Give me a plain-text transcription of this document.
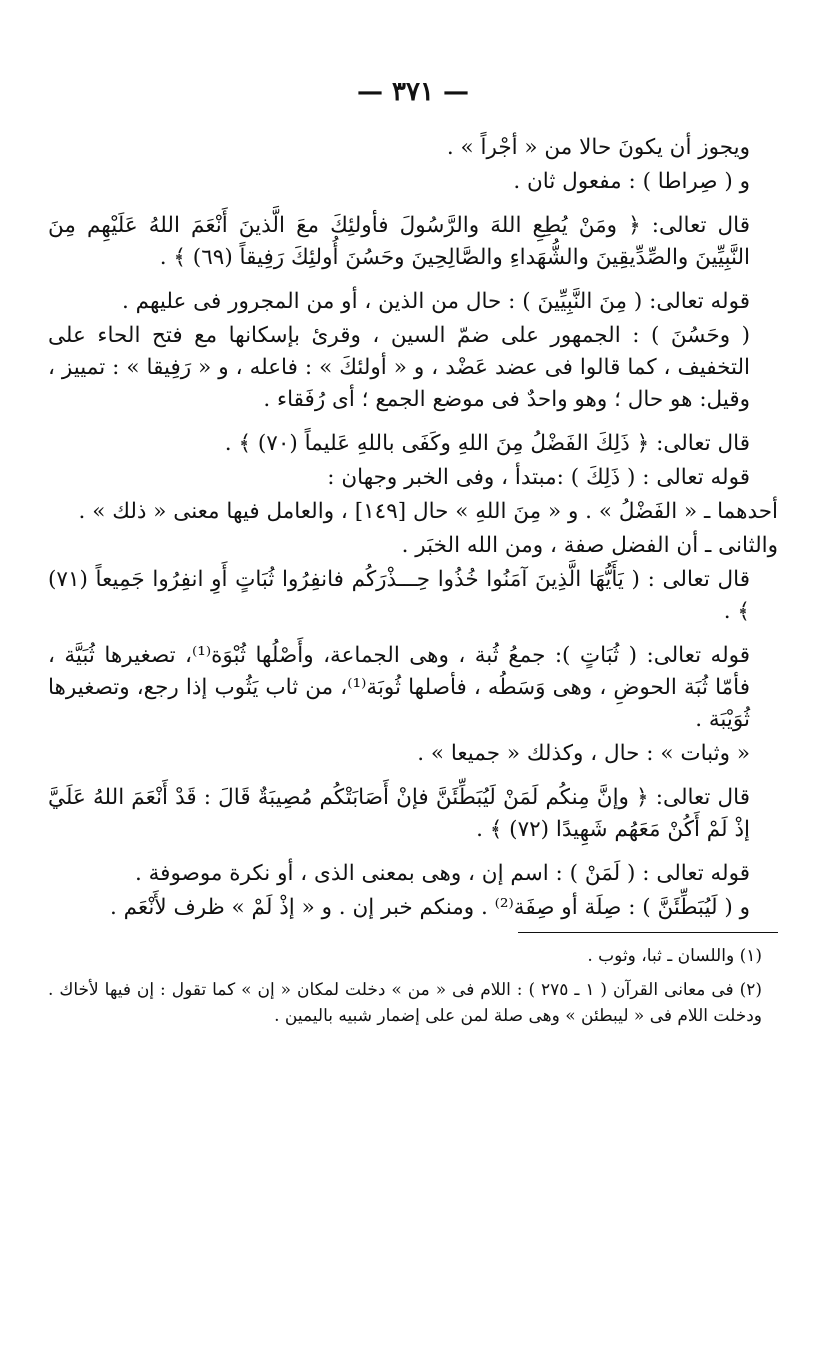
— ٣٧١ —

ويجوز أن يكونَ حالا من « أجْراً » .

و ( صِراطا ) : مفعول ثان .

قال تعالى: ﴿ ومَنْ يُطِعِ اللهَ والرَّسُولَ فأولئِكَ معَ الَّذينَ أَنْعَمَ اللهُ عَلَيْهِم مِنَ النَّبِيِّينَ والصِّدِّيقِينَ والشُّهَداءِ والصَّالِحِينَ وحَسُنَ أُولئِكَ رَفِيقاً (٦٩) ﴾ .

قوله تعالى: ( مِنَ النَّبِيِّينَ ) : حال من الذين ، أو من المجرور فى عليهم .

( وحَسُنَ ) : الجمهور على ضمّ السين ، وقرئ بإسكانها مع فتح الحاء على التخفيف ، كما قالوا فى عضد عَضْد ، و « أولئكَ » : فاعله ، و « رَفِيقا » : تمييز ، وقيل: هو حال ؛ وهو واحدٌ فى موضع الجمع ؛ أى رُفَقاء .

قال تعالى: ﴿ ذَلِكَ الفَضْلُ مِنَ اللهِ وكَفَى باللهِ عَليماً (٧٠) ﴾ .

قوله تعالى : ( ذَلِكَ ) :مبتدأ ، وفى الخبر وجهان :

أحدهما ـ « الفَضْلُ » . و « مِنَ اللهِ » حال [١٤٩] ، والعامل فيها معنى « ذلك » .

والثانى ـ أن الفضل صفة ، ومن الله الخبَر .

قال تعالى : ( يَأَيُّهَا الَّذِينَ آمَنُوا خُذُوا حِـــذْرَكُم فانفِرُوا ثُبَاتٍ أَوِ انفِرُوا جَمِيعاً (٧١) ﴾ .

قوله تعالى: ( ثُبَاتٍ ): جمعُ ثُبة ، وهى الجماعة، وأَصْلُها ثُبْوَة⁽¹⁾، تصغيرها ثُبَيَّة ، فأمّا ثُبَة الحوضِ ، وهى وَسَطُه ، فأصلها ثُوبَة⁽¹⁾، من ثاب يَثُوب إذا رجع، وتصغيرها ثُوَيْبَة .

« وثبات » : حال ، وكذلك « جميعا » .

قال تعالى: ﴿ وإنَّ مِنكُم لَمَنْ لَيُبَطِّئَنَّ فإنْ أَصَابَتْكُم مُصِيبَةٌ قَالَ : قَدْ أَنْعَمَ اللهُ عَلَيَّ إذْ لَمْ أَكُنْ مَعَهُم شَهِيدًا (٧٢) ﴾ .

قوله تعالى : ( لَمَنْ ) : اسم إن ، وهى بمعنى الذى ، أو نكرة موصوفة .

و ( لَيُبَطِّئَنَّ ) : صِلَة أو صِفَة⁽²⁾ . ومنكم خبر إن . و « إذْ لَمْ » ظرف لأَنْعَم .

(١) واللسان ـ ثبا، وثوب .

(٢) فى معانى القرآن ( ١ ـ ٢٧٥ ) : اللام فى « من » دخلت لمكان « إن » كما تقول : إن فيها لأخاك . ودخلت اللام فى « ليبطئن » وهى صلة لمن على إضمار شبيه باليمين .
